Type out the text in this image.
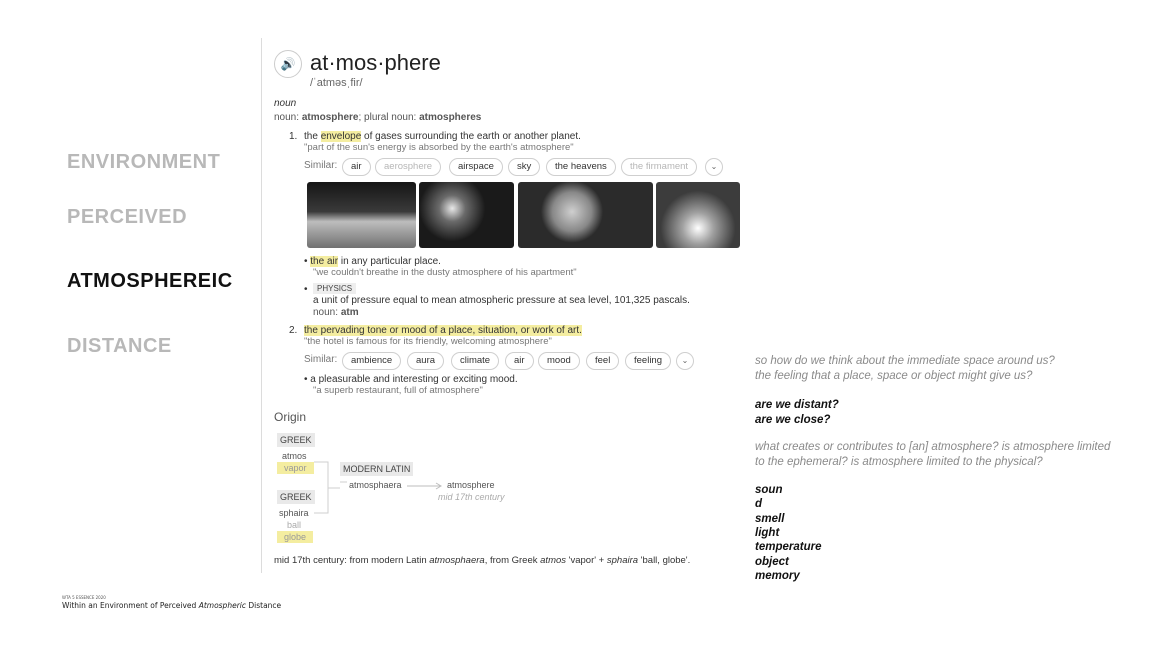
ENVIRONMENT
PERCEIVED
ATMOSPHEREIC
DISTANCE
🔊 at·mos·phere
/ˈatməsˌfir/
noun
noun: atmosphere; plural noun: atmospheres
1. the envelope of gases surrounding the earth or another planet.
"part of the sun's energy is absorbed by the earth's atmosphere"
Similar:	air	aerosphere	airspace	sky	the heavens	the firmament	⌄
• the air in any particular place.
"we couldn't breathe in the dusty atmosphere of his apartment"
•	PHYSICS
a unit of pressure equal to mean atmospheric pressure at sea level, 101,325 pascals.
noun: atm
2. the pervading tone or mood of a place, situation, or work of art.
"the hotel is famous for its friendly, welcoming atmosphere"
Similar:	ambience	aura	climate	air	mood	feel	feeling	⌄
• a pleasurable and interesting or exciting mood.
"a superb restaurant, full of atmosphere"
Origin
GREEK
atmos
vapor
GREEK
sphaira
ball
globe
MODERN LATIN
atmosphaera	atmosphere
mid 17th century
mid 17th century: from modern Latin atmosphaera, from Greek atmos 'vapor' + sphaira 'ball, globe'.
so how do we think about the immediate space around us?
the feeling that a place, space or object might give us?
are we distant?
are we close?
what creates or contributes to [an] atmosphere? is atmosphere limited
to the ephemeral? is atmosphere limited to the physical?
soun
d
smell
light
temperature
object
memory
WTA 5 ESSENCE 2020
Within an Environment of Perceived Atmospheric Distance
